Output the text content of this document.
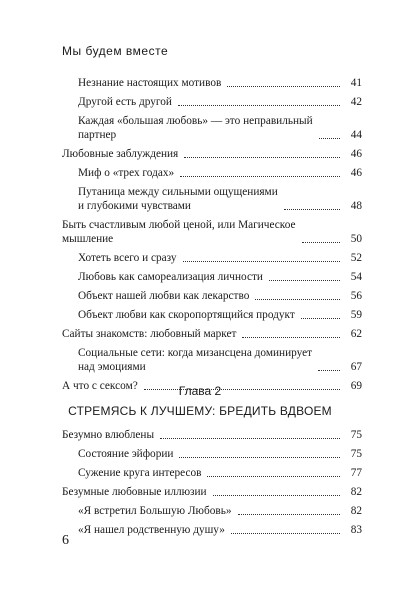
Мы будем вместе
Незнание настоящих мотивов	41
Другой есть другой	42
Каждая «большая любовь» — это неправильный
партнер	44
Любовные заблуждения	46
Миф о «трех годах»	46
Путаница между сильными ощущениями
и глубокими чувствами	48
Быть счастливым любой ценой, или Магическое
мышление	50
Хотеть всего и сразу	52
Любовь как самореализация личности	54
Объект нашей любви как лекарство	56
Объект любви как скоропортящийся продукт	59
Сайты знакомств: любовный маркет	62
Социальные сети: когда мизансцена доминирует
над эмоциями	67
А что с сексом?	69
Глава 2
СТРЕМЯСЬ К ЛУЧШЕМУ: БРЕДИТЬ ВДВОЕМ
Безумно влюблены	75
Состояние эйфории	75
Сужение круга интересов	77
Безумные любовные иллюзии	82
«Я встретил Большую Любовь»	82
«Я нашел родственную душу»	83
6
